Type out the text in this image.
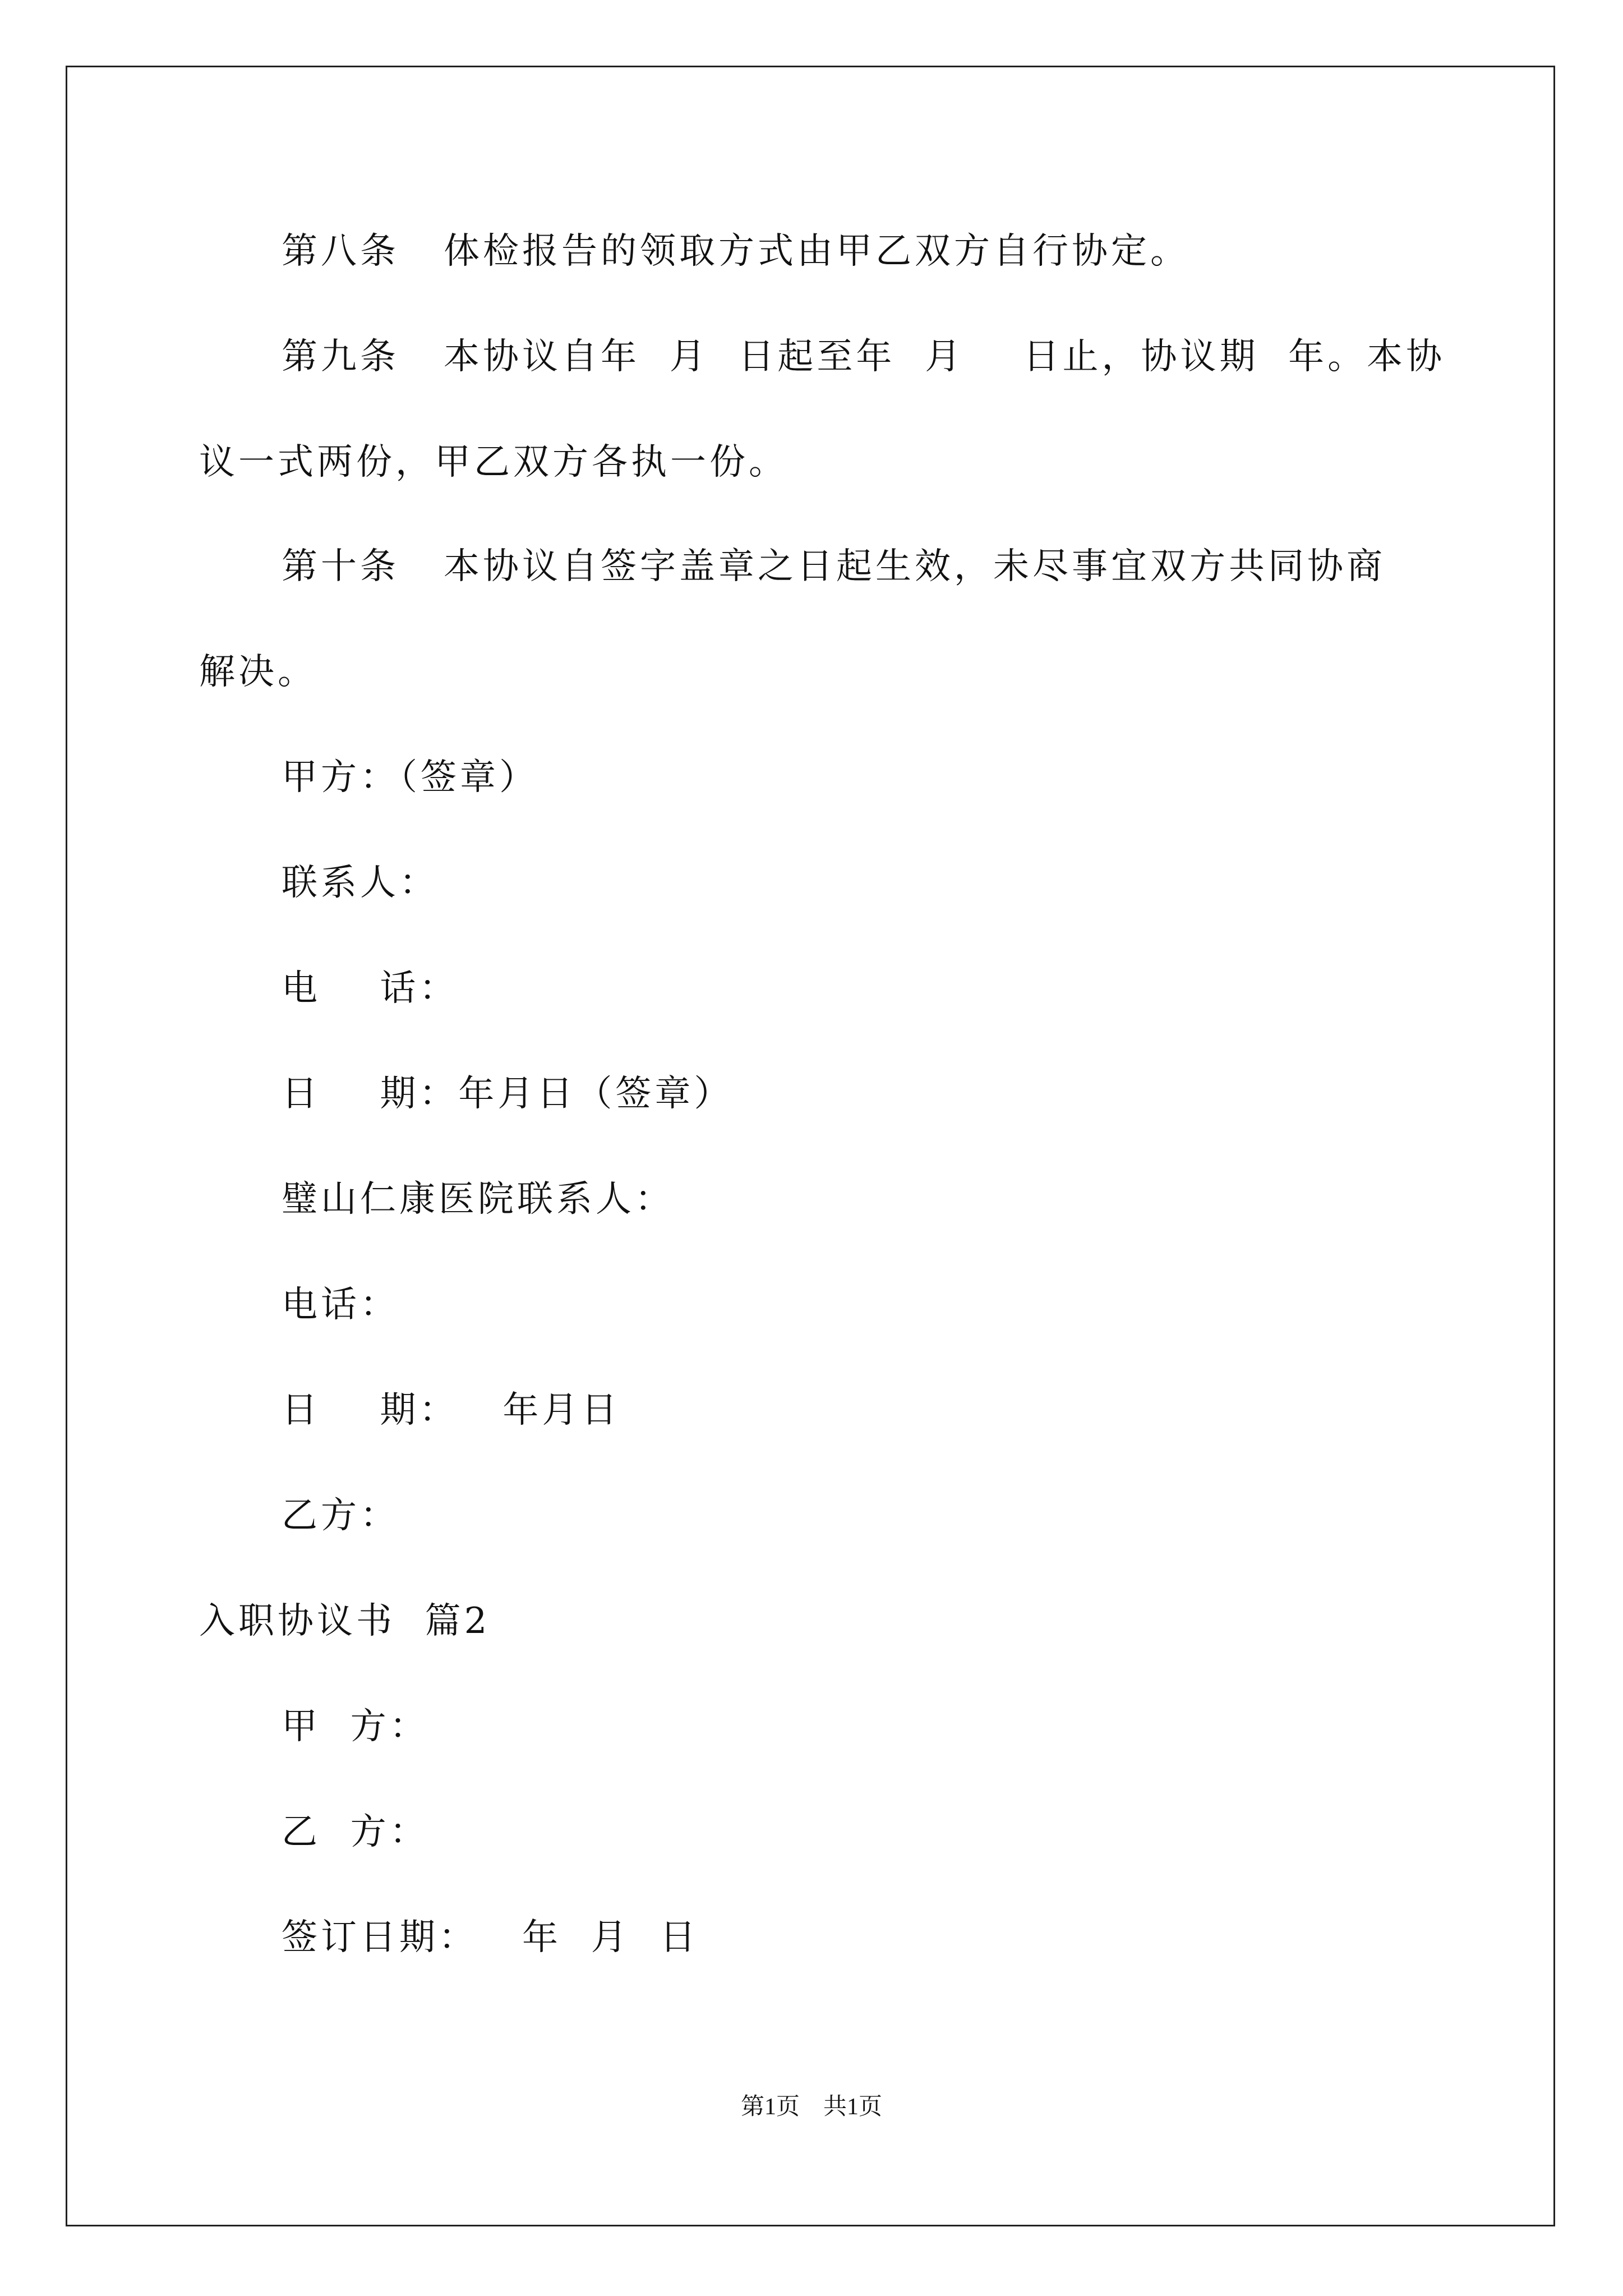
第八条   体检报告的领取方式由甲乙双方自行协定。
第九条   本协议自年  月  日起至年  月    日止，协议期  年。本协
议一式两份，甲乙双方各执一份。
第十条   本协议自签字盖章之日起生效，未尽事宜双方共同协商
解决。
甲方：（签章）
联系人：
电    话：
日    期：年月日（签章）
璧山仁康医院联系人：
电话：
日    期：   年月日
乙方：
入职协议书  篇2
甲  方：
乙  方：
签订日期：   年  月  日
第1页    共1页
